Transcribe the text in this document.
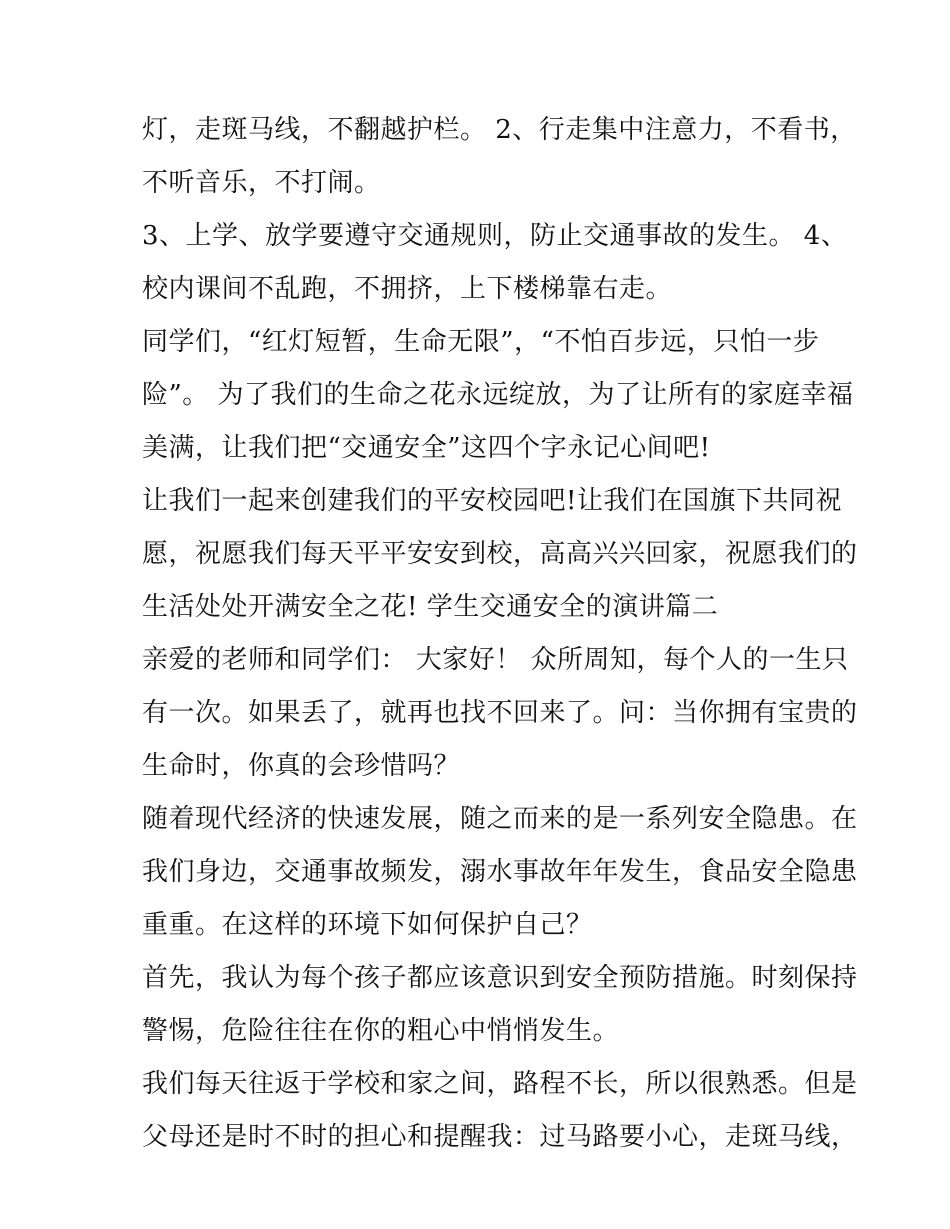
灯，走斑马线，不翻越护栏。 2、行走集中注意力，不看书，
不听音乐，不打闹。
3、上学、放学要遵守交通规则，防止交通事故的发生。 4、
校内课间不乱跑，不拥挤，上下楼梯靠右走。
同学们，“红灯短暂，生命无限”，“不怕百步远，只怕一步
险”。 为了我们的生命之花永远绽放，为了让所有的家庭幸福
美满，让我们把“交通安全”这四个字永记心间吧!
让我们一起来创建我们的平安校园吧!让我们在国旗下共同祝
愿，祝愿我们每天平平安安到校，高高兴兴回家，祝愿我们的
生活处处开满安全之花! 学生交通安全的演讲篇二
亲爱的老师和同学们： 大家好！ 众所周知，每个人的一生只
有一次。如果丢了，就再也找不回来了。问：当你拥有宝贵的
生命时，你真的会珍惜吗？
随着现代经济的快速发展，随之而来的是一系列安全隐患。在
我们身边，交通事故频发，溺水事故年年发生，食品安全隐患
重重。在这样的环境下如何保护自己？
首先，我认为每个孩子都应该意识到安全预防措施。时刻保持
警惕，危险往往在你的粗心中悄悄发生。
我们每天往返于学校和家之间，路程不长，所以很熟悉。但是
父母还是时不时的担心和提醒我：过马路要小心，走斑马线，
